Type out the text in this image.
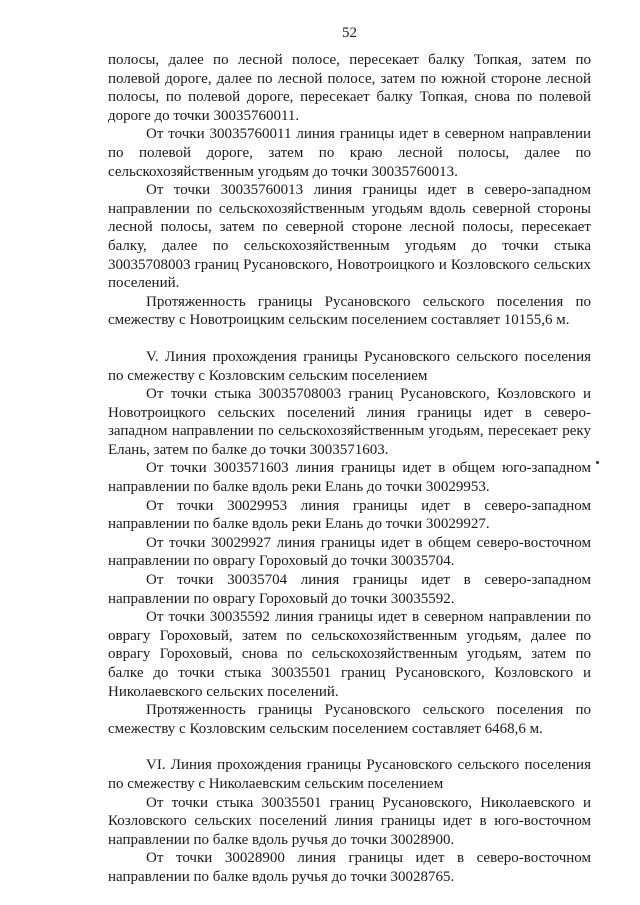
52

полосы, далее по лесной полосе, пересекает балку Топкая, затем по полевой дороге, далее по лесной полосе, затем по южной стороне лесной полосы, по полевой дороге, пересекает балку Топкая, снова по полевой дороге до точки 30035760011.

От точки 30035760011 линия границы идет в северном направлении по полевой дороге, затем по краю лесной полосы, далее по сельскохозяйственным угодьям до точки 30035760013.

От точки 30035760013 линия границы идет в северо-западном направлении по сельскохозяйственным угодьям вдоль северной стороны лесной полосы, затем по северной стороне лесной полосы, пересекает балку, далее по сельскохозяйственным угодьям до точки стыка 30035708003 границ Русановского, Новотроицкого и Козловского сельских поселений.

Протяженность границы Русановского сельского поселения по смежеству с Новотроицким сельским поселением составляет 10155,6 м.

V. Линия прохождения границы Русановского сельского поселения по смежеству с Козловским сельским поселением

От точки стыка 30035708003 границ Русановского, Козловского и Новотроицкого сельских поселений линия границы идет в северо-западном направлении по сельскохозяйственным угодьям, пересекает реку Елань, затем по балке до точки 3003571603.

От точки 3003571603 линия границы идет в общем юго-западном направлении по балке вдоль реки Елань до точки 30029953.

От точки 30029953 линия границы идет в северо-западном направлении по балке вдоль реки Елань до точки 30029927.

От точки 30029927 линия границы идет в общем северо-восточном направлении по оврагу Гороховый до точки 30035704.

От точки 30035704 линия границы идет в северо-западном направлении по оврагу Гороховый до точки 30035592.

От точки 30035592 линия границы идет в северном направлении по оврагу Гороховый, затем по сельскохозяйственным угодьям, далее по оврагу Гороховый, снова по сельскохозяйственным угодьям, затем по балке до точки стыка 30035501 границ Русановского, Козловского и Николаевского сельских поселений.

Протяженность границы Русановского сельского поселения по смежеству с Козловским сельским поселением составляет 6468,6 м.

VI. Линия прохождения границы Русановского сельского поселения по смежеству с Николаевским сельским поселением

От точки стыка 30035501 границ Русановского, Николаевского и Козловского сельских поселений линия границы идет в юго-восточном направлении по балке вдоль ручья до точки 30028900.

От точки 30028900 линия границы идет в северо-восточном направлении по балке вдоль ручья до точки 30028765.
